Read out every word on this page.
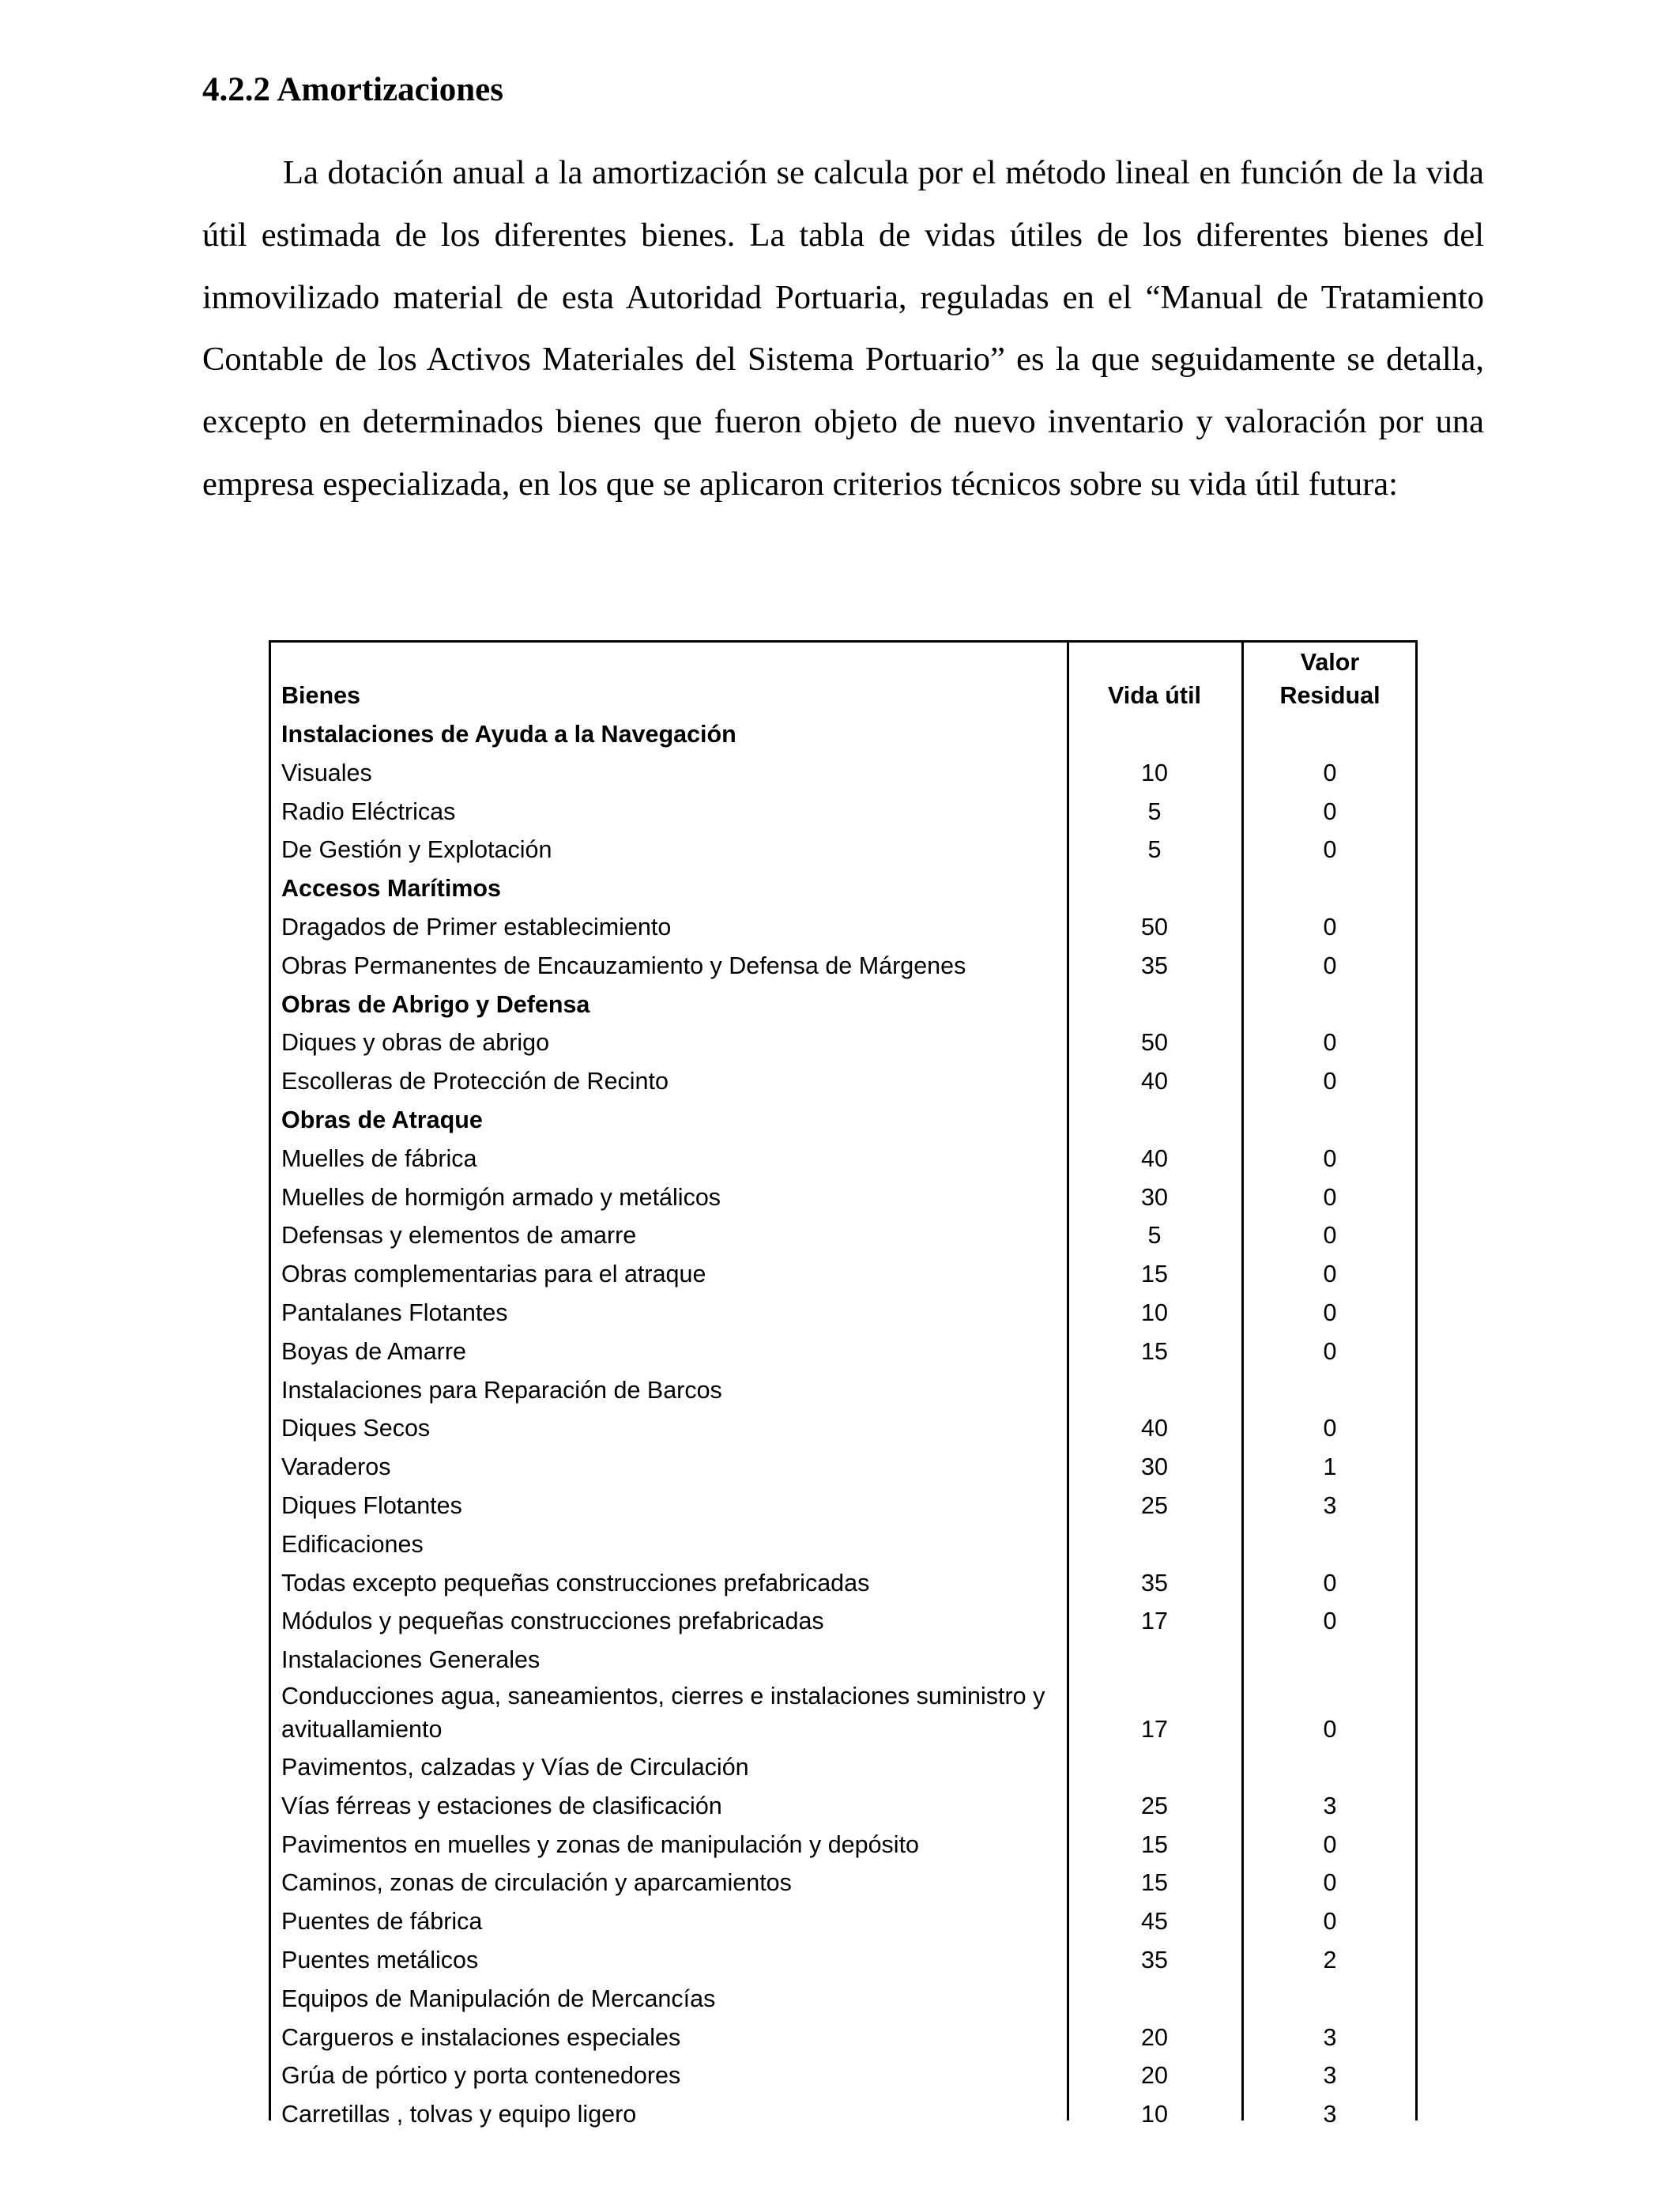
4.2.2 Amortizaciones

La dotación anual a la amortización se calcula por el método lineal en función de la vida útil estimada de los diferentes bienes. La tabla de vidas útiles de los diferentes bienes del inmovilizado material de esta Autoridad Portuaria, reguladas en el “Manual de Tratamiento Contable de los Activos Materiales del Sistema Portuario” es la que seguidamente se detalla, excepto en determinados bienes que fueron objeto de nuevo inventario y valoración por una empresa especializada, en los que se aplicaron criterios técnicos sobre su vida útil futura:

Bienes	Vida útil	Valor
Residual
Instalaciones de Ayuda a la Navegación		
Visuales	10	0
Radio Eléctricas	5	0
De Gestión y Explotación	5	0
Accesos Marítimos		
Dragados de Primer establecimiento	50	0
Obras Permanentes de Encauzamiento y Defensa de Márgenes	35	0
Obras de Abrigo y Defensa		
Diques y obras de abrigo	50	0
Escolleras de Protección de Recinto	40	0
Obras de Atraque		
Muelles de fábrica	40	0
Muelles de hormigón armado y metálicos	30	0
Defensas y elementos de amarre	5	0
Obras complementarias para el atraque	15	0
Pantalanes Flotantes	10	0
Boyas de Amarre	15	0
Instalaciones para Reparación de Barcos		
Diques Secos	40	0
Varaderos	30	1
Diques Flotantes	25	3
Edificaciones		
Todas excepto pequeñas construcciones prefabricadas	35	0
Módulos y pequeñas construcciones prefabricadas	17	0
Instalaciones Generales		
Conducciones agua, saneamientos, cierres e instalaciones suministro y avituallamiento	17	0
Pavimentos, calzadas y Vías de Circulación		
Vías férreas y estaciones de clasificación	25	3
Pavimentos en muelles y zonas de manipulación y depósito	15	0
Caminos, zonas de circulación y aparcamientos	15	0
Puentes de fábrica	45	0
Puentes metálicos	35	2
Equipos de Manipulación de Mercancías		
Cargueros e instalaciones especiales	20	3
Grúa de pórtico y porta contenedores	20	3
Carretillas , tolvas y equipo ligero	10	3
